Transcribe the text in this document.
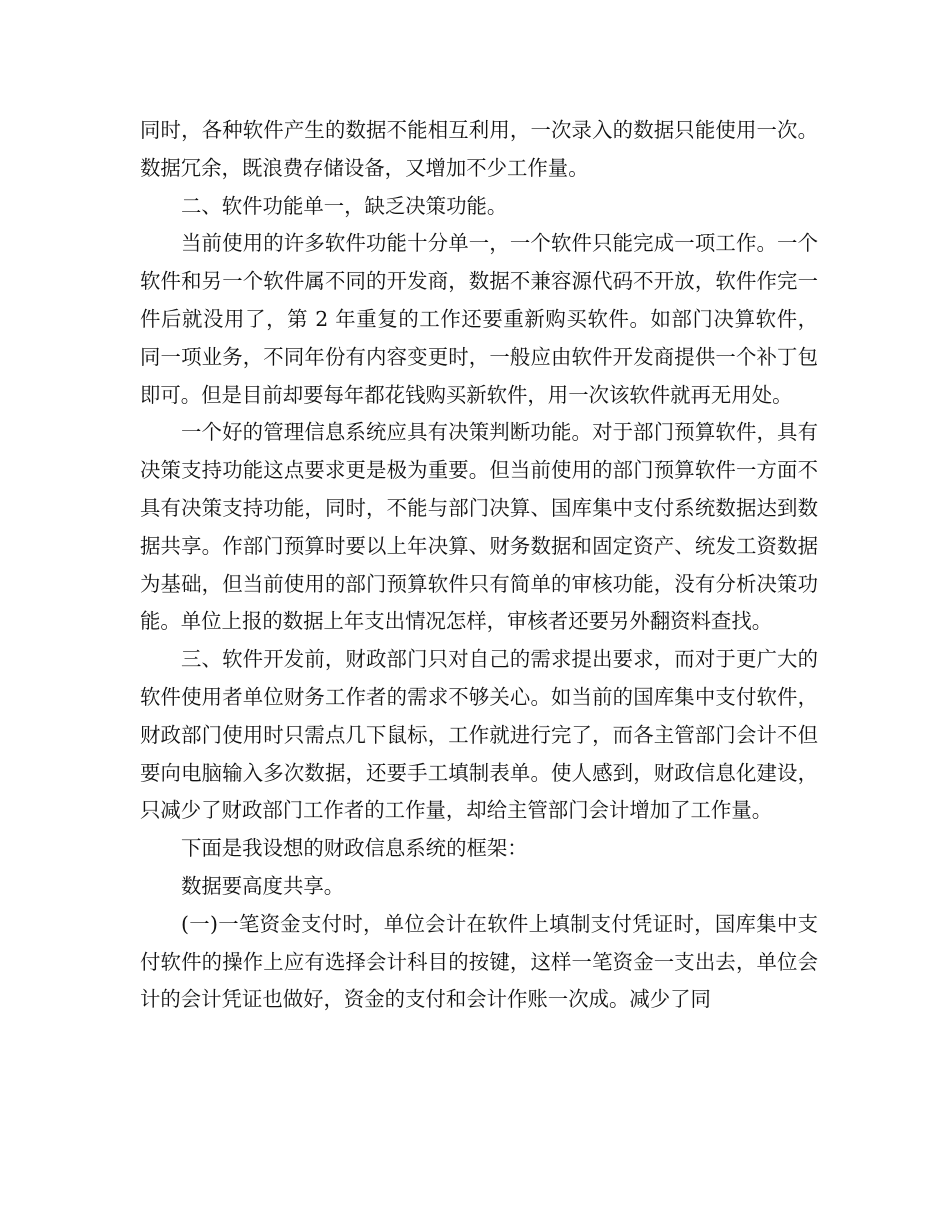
同时，各种软件产生的数据不能相互利用，一次录入的数据只能使用一次。数据冗余，既浪费存储设备，又增加不少工作量。

二、软件功能单一，缺乏决策功能。

当前使用的许多软件功能十分单一，一个软件只能完成一项工作。一个软件和另一个软件属不同的开发商，数据不兼容源代码不开放，软件作完一件后就没用了，第 2 年重复的工作还要重新购买软件。如部门决算软件，同一项业务，不同年份有内容变更时，一般应由软件开发商提供一个补丁包即可。但是目前却要每年都花钱购买新软件，用一次该软件就再无用处。

一个好的管理信息系统应具有决策判断功能。对于部门预算软件，具有决策支持功能这点要求更是极为重要。但当前使用的部门预算软件一方面不具有决策支持功能，同时，不能与部门决算、国库集中支付系统数据达到数据共享。作部门预算时要以上年决算、财务数据和固定资产、统发工资数据为基础，但当前使用的部门预算软件只有简单的审核功能，没有分析决策功能。单位上报的数据上年支出情况怎样，审核者还要另外翻资料查找。

三、软件开发前，财政部门只对自己的需求提出要求，而对于更广大的软件使用者单位财务工作者的需求不够关心。如当前的国库集中支付软件，财政部门使用时只需点几下鼠标，工作就进行完了，而各主管部门会计不但要向电脑输入多次数据，还要手工填制表单。使人感到，财政信息化建设，只减少了财政部门工作者的工作量，却给主管部门会计增加了工作量。

下面是我设想的财政信息系统的框架：

数据要高度共享。

(一)一笔资金支付时，单位会计在软件上填制支付凭证时，国库集中支付软件的操作上应有选择会计科目的按键，这样一笔资金一支出去，单位会计的会计凭证也做好，资金的支付和会计作账一次成。减少了同
